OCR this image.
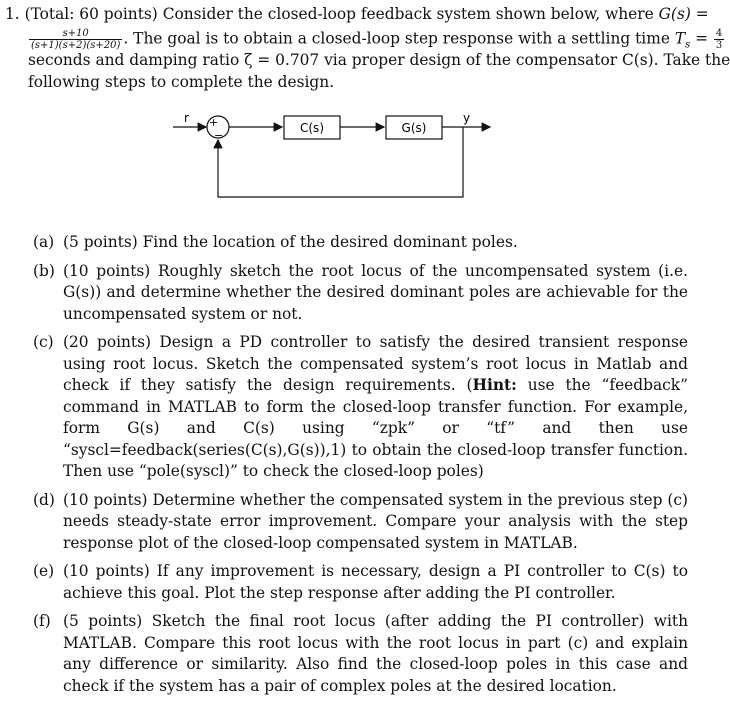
1. (Total: 60 points) Consider the closed-loop feedback system shown below, where G(s) =
$\frac{s+10}{(s+1)(s+2)(s+20)}$ . The goal is to obtain a closed-loop step response with a settling time $T_s = \frac{4}{3}$
seconds and damping ratio ζ = 0.707 via proper design of the compensator C(s). Take the
following steps to complete the design.
r +
−
C(s)	G(s)
y
(a) (5 points) Find the location of the desired dominant poles.
(b) (10 points) Roughly sketch the root locus of the uncompensated system (i.e. G(s)) and determine whether the desired dominant poles are achievable for the uncompensated system or not.
(c) (20 points) Design a PD controller to satisfy the desired transient response using root locus. Sketch the compensated system’s root locus in Matlab and check if they satisfy the design requirements. (Hint: use the “feedback” command in MATLAB to form the closed-loop transfer function. For example, form G(s) and C(s) using “zpk” or “tf” and then use “syscl=feedback(series(C(s),G(s)),1) to obtain the closed-loop transfer function. Then use “pole(syscl)” to check the closed-loop poles)
(d) (10 points) Determine whether the compensated system in the previous step (c) needs steady-state error improvement. Compare your analysis with the step response plot of the closed-loop compensated system in MATLAB.
(e) (10 points) If any improvement is necessary, design a PI controller to C(s) to achieve this goal. Plot the step response after adding the PI controller.
(f) (5 points) Sketch the final root locus (after adding the PI controller) with MATLAB. Compare this root locus with the root locus in part (c) and explain any difference or similarity. Also find the closed-loop poles in this case and check if the system has a pair of complex poles at the desired location.
